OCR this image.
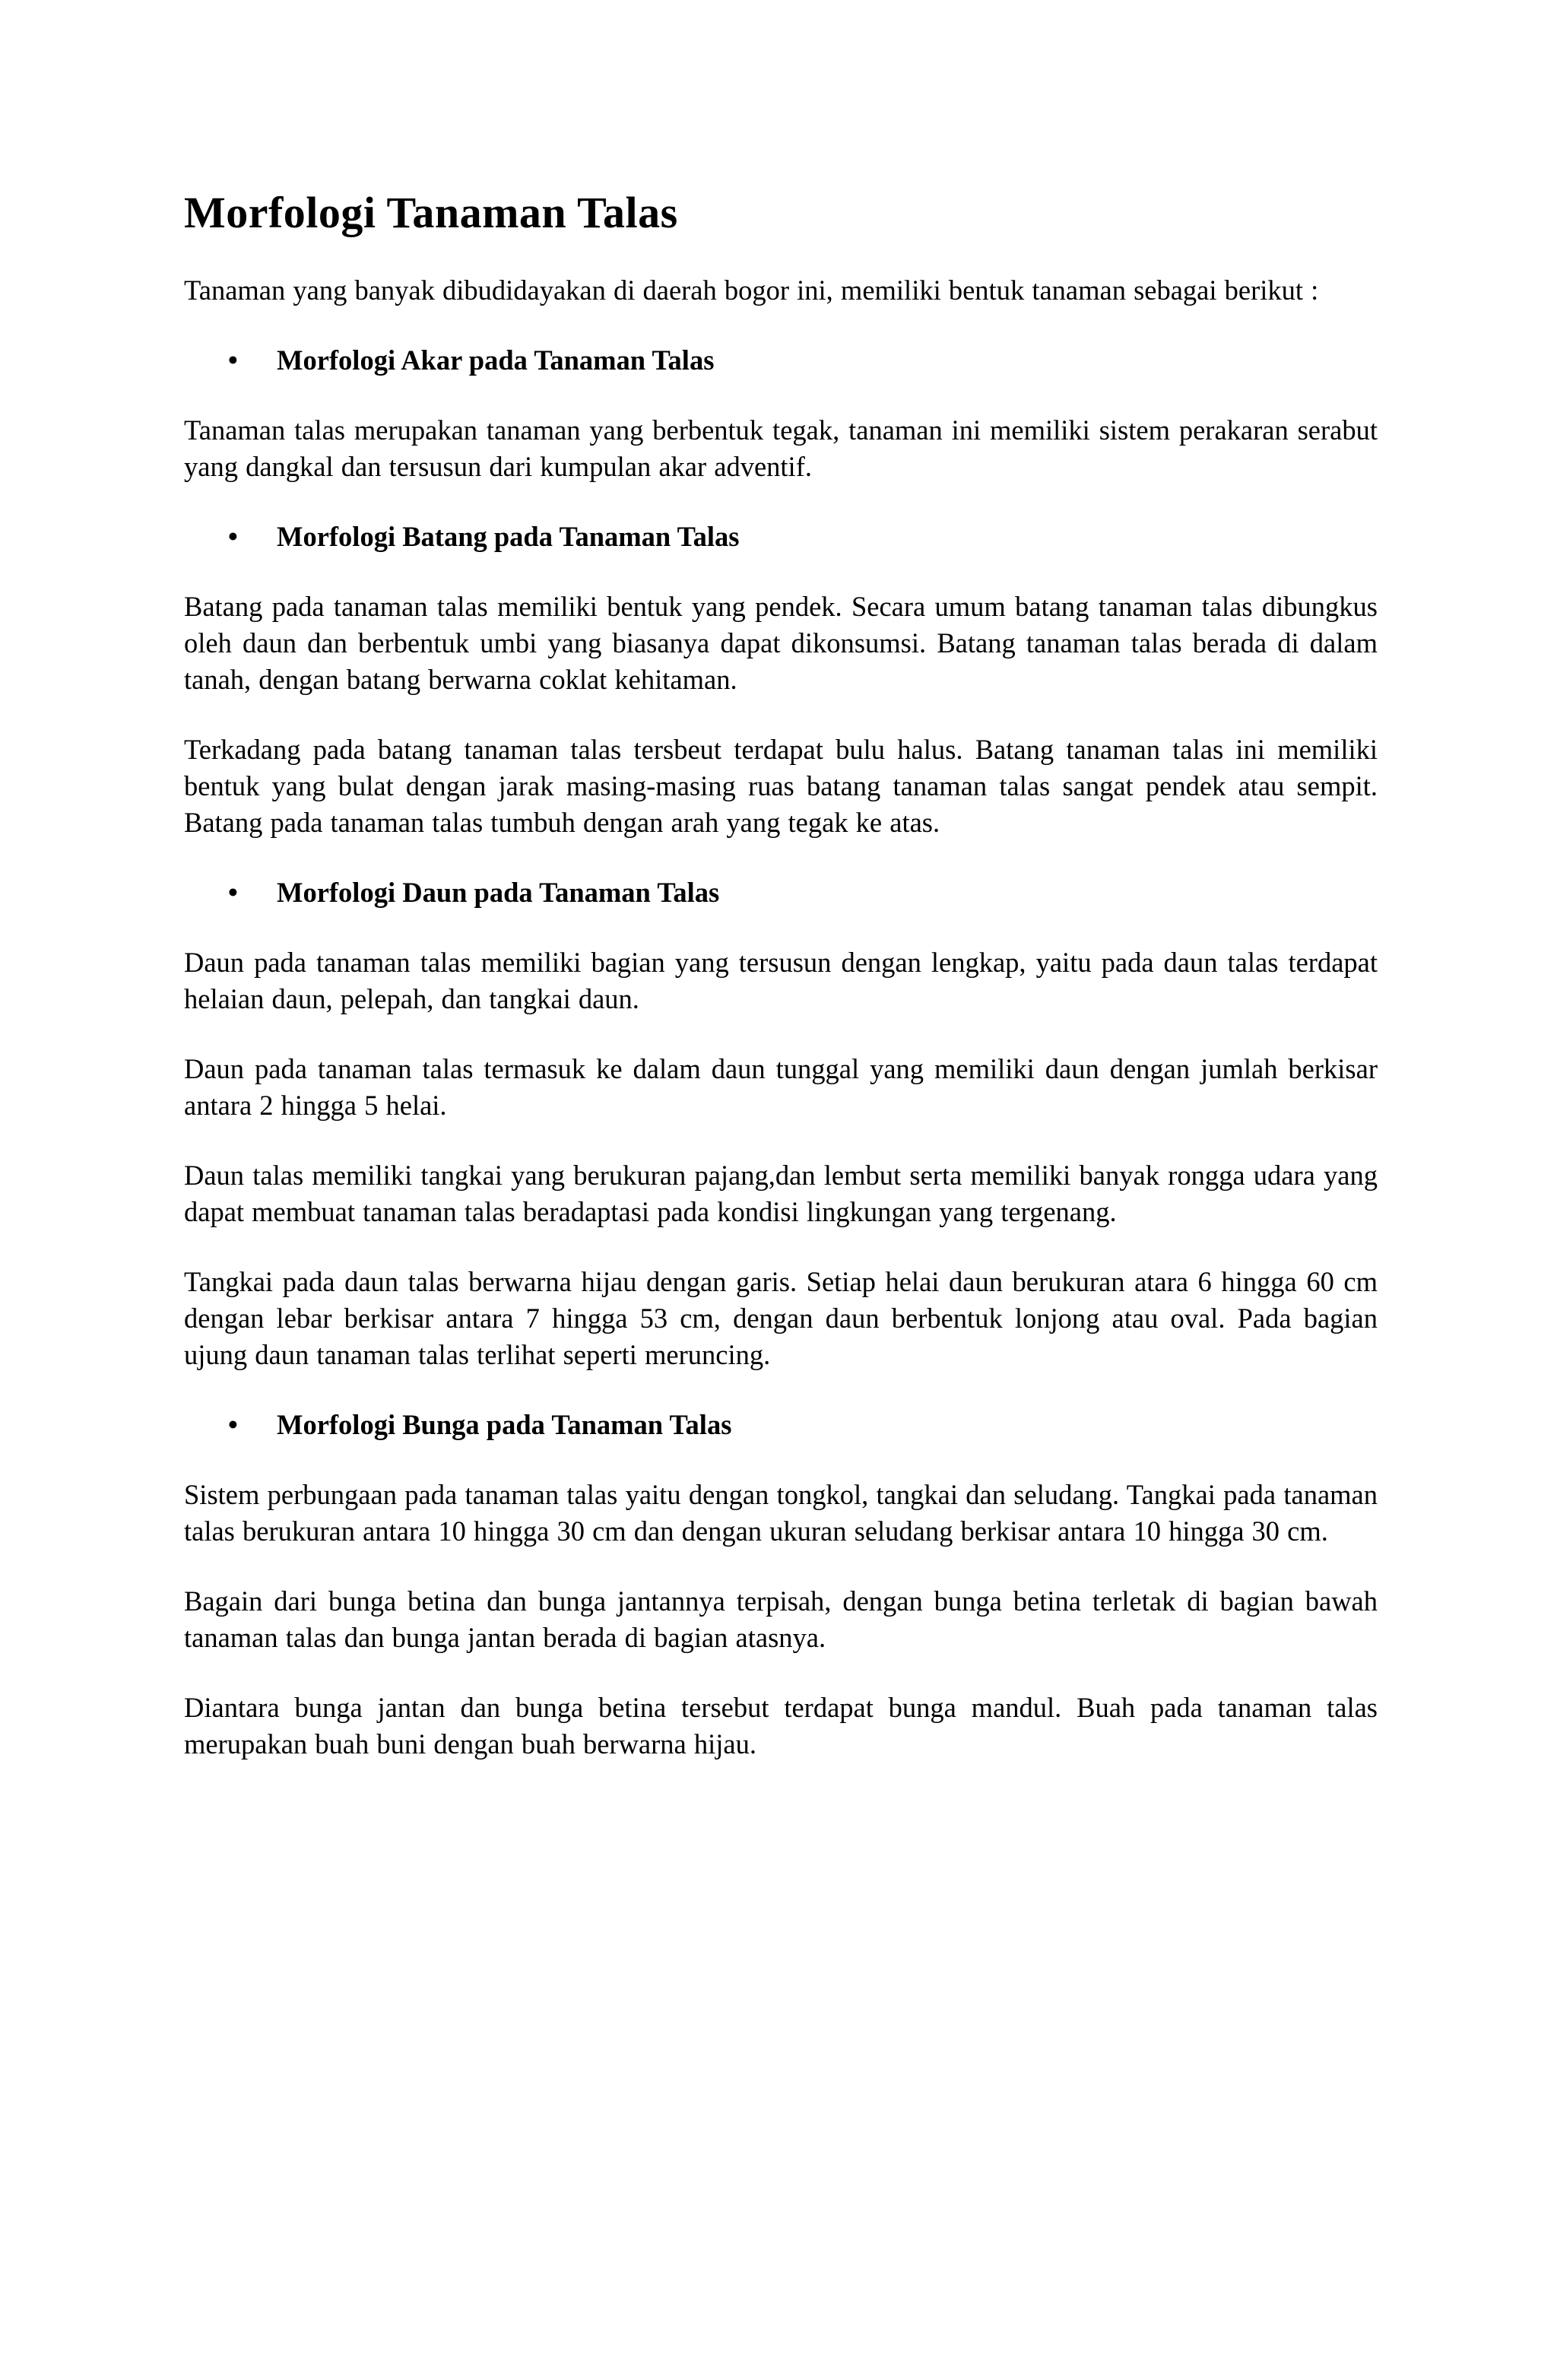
Morfologi Tanaman Talas

Tanaman yang banyak dibudidayakan di daerah bogor ini, memiliki bentuk tanaman sebagai berikut :

• Morfologi Akar pada Tanaman Talas

Tanaman talas merupakan tanaman yang berbentuk tegak, tanaman ini memiliki sistem perakaran serabut yang dangkal dan tersusun dari kumpulan akar adventif.

• Morfologi Batang pada Tanaman Talas

Batang pada tanaman talas memiliki bentuk yang pendek. Secara umum batang tanaman talas dibungkus oleh daun dan berbentuk umbi yang biasanya dapat dikonsumsi. Batang tanaman talas berada di dalam tanah, dengan batang berwarna coklat kehitaman.

Terkadang pada batang tanaman talas tersbeut terdapat bulu halus. Batang tanaman talas ini memiliki bentuk yang bulat dengan jarak masing-masing ruas batang tanaman talas sangat pendek atau sempit. Batang pada tanaman talas tumbuh dengan arah yang tegak ke atas.

• Morfologi Daun pada Tanaman Talas

Daun pada tanaman talas memiliki bagian yang tersusun dengan lengkap, yaitu pada daun talas terdapat helaian daun, pelepah, dan tangkai daun.

Daun pada tanaman talas termasuk ke dalam daun tunggal yang memiliki daun dengan jumlah berkisar antara 2 hingga 5 helai.

Daun talas memiliki tangkai yang berukuran pajang,dan lembut serta memiliki banyak rongga udara yang dapat membuat tanaman talas beradaptasi pada kondisi lingkungan yang tergenang.

Tangkai pada daun talas berwarna hijau dengan garis. Setiap helai daun berukuran atara 6 hingga 60 cm dengan lebar berkisar antara 7 hingga 53 cm, dengan daun berbentuk lonjong atau oval. Pada bagian ujung daun tanaman talas terlihat seperti meruncing.

• Morfologi Bunga pada Tanaman Talas

Sistem perbungaan pada tanaman talas yaitu dengan tongkol, tangkai dan seludang. Tangkai pada tanaman talas berukuran antara 10 hingga 30 cm dan dengan ukuran seludang berkisar antara 10 hingga 30 cm.

Bagain dari bunga betina dan bunga jantannya terpisah, dengan bunga betina terletak di bagian bawah tanaman talas dan bunga jantan berada di bagian atasnya.

Diantara bunga jantan dan bunga betina tersebut terdapat bunga mandul. Buah pada tanaman talas merupakan buah buni dengan buah berwarna hijau.
